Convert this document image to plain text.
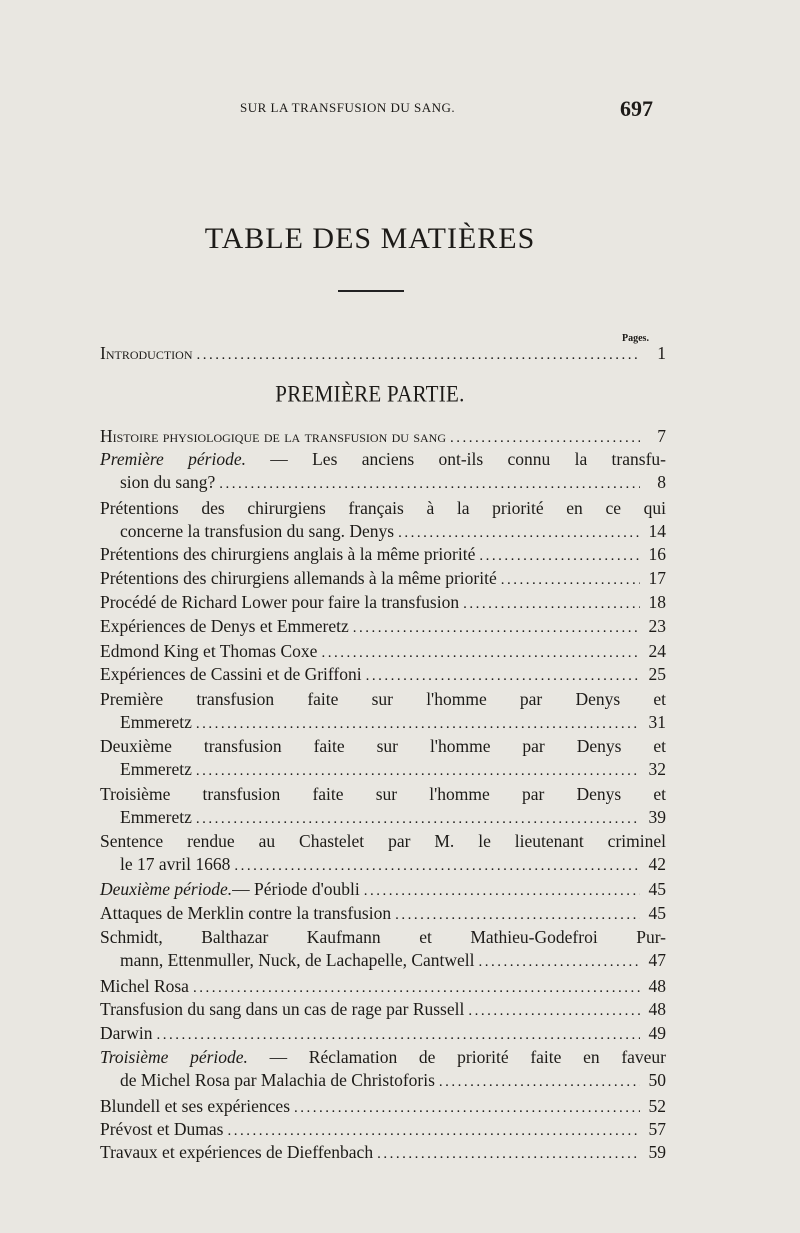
SUR LA TRANSFUSION DU SANG.	697
TABLE DES MATIÈRES
Pages.
Introduction .....	1
PREMIÈRE PARTIE.
Histoire physiologique de la transfusion du sang .....	7
Première période. — Les anciens ont-ils connu la transfu-
sion du sang? .....	8
Prétentions des chirurgiens français à la priorité en ce qui
concerne la transfusion du sang. Denys .....	14
Prétentions des chirurgiens anglais à la même priorité .....	16
Prétentions des chirurgiens allemands à la même priorité .....	17
Procédé de Richard Lower pour faire la transfusion .....	18
Expériences de Denys et Emmeretz .....	23
Edmond King et Thomas Coxe .....	24
Expériences de Cassini et de Griffoni .....	25
Première transfusion faite sur l'homme par Denys et
Emmeretz .....	31
Deuxième transfusion faite sur l'homme par Denys et
Emmeretz .....	32
Troisième transfusion faite sur l'homme par Denys et
Emmeretz .....	39
Sentence rendue au Chastelet par M. le lieutenant criminel
le 17 avril 1668 .....	42
Deuxième période. — Période d'oubli .....	45
Attaques de Merklin contre la transfusion .....	45
Schmidt, Balthazar Kaufmann et Mathieu-Godefroi Pur-
mann, Ettenmuller, Nuck, de Lachapelle, Cantwell .....	47
Michel Rosa .....	48
Transfusion du sang dans un cas de rage par Russell .....	48
Darwin .....	49
Troisième période. — Réclamation de priorité faite en faveur
de Michel Rosa par Malachia de Christoforis .....	50
Blundell et ses expériences .....	52
Prévost et Dumas .....	57
Travaux et expériences de Dieffenbach .....	59
